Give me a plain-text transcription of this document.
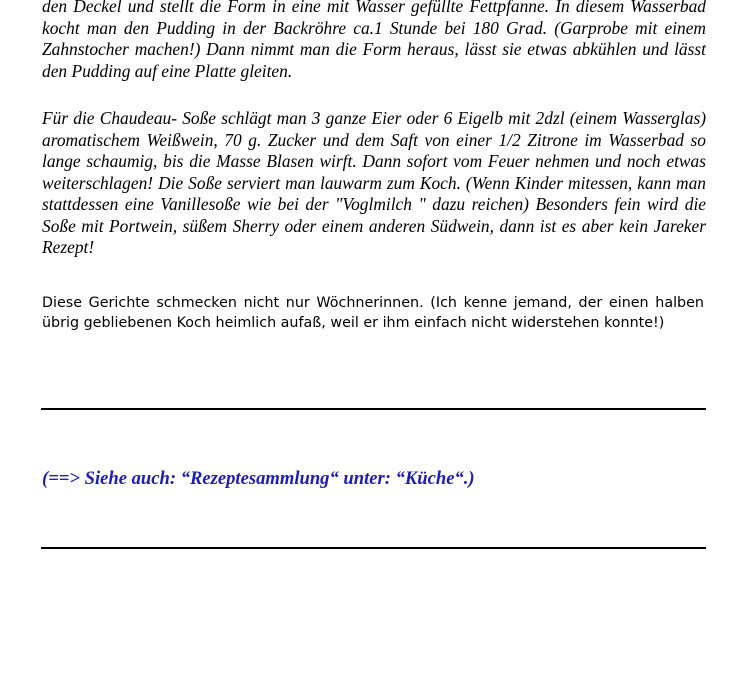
den Deckel und stellt die Form in eine mit Wasser gefüllte Fettpfanne. In diesem Wasserbad kocht man den Pudding in der Backröhre ca.1 Stunde bei 180 Grad. (Garprobe mit einem Zahnstocher machen!) Dann nimmt man die Form heraus, lässt sie etwas abkühlen und lässt den Pudding auf eine Platte gleiten.

Für die Chaudeau- Soße schlägt man 3 ganze Eier oder 6 Eigelb mit 2dzl (einem Wasserglas) aromatischem Weißwein, 70 g. Zucker und dem Saft von einer 1/2 Zitrone im Wasserbad so lange schaumig, bis die Masse Blasen wirft. Dann sofort vom Feuer nehmen und noch etwas weiterschlagen! Die Soße serviert man lauwarm zum Koch. (Wenn Kinder mitessen, kann man stattdessen eine Vanillesoße wie bei der "Voglmilch " dazu reichen) Besonders fein wird die Soße mit Portwein, süßem Sherry oder einem anderen Südwein, dann ist es aber kein Jareker Rezept!

Diese Gerichte schmecken nicht nur Wöchnerinnen. (Ich kenne jemand, der einen halben übrig gebliebenen Koch heimlich aufaß, weil er ihm einfach nicht widerstehen konnte!)

(==> Siehe auch: “Rezeptesammlung“ unter: “Küche“.)
